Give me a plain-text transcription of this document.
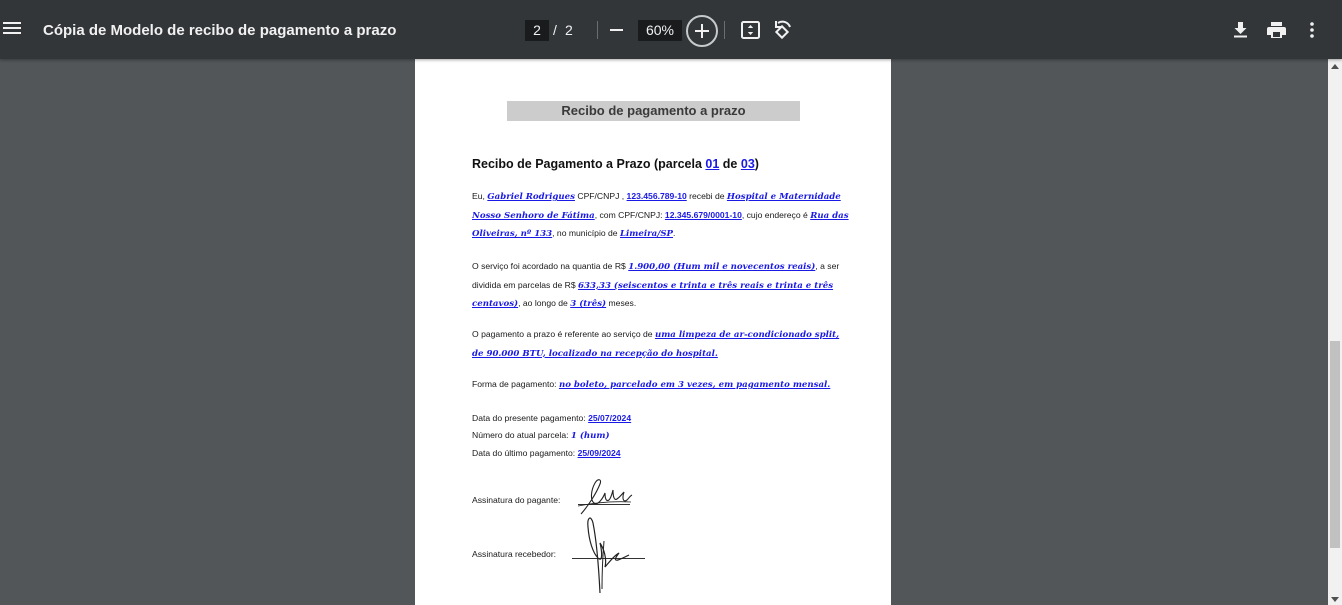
Cópia de Modelo de recibo de pagamento a prazo	2 / 2	60%
Recibo de pagamento a prazo
Recibo de Pagamento a Prazo (parcela 01 de 03)
Eu, Gabriel Rodrigues CPF/CNPJ , 123.456.789-10 recebi de Hospital e Maternidade Nosso Senhoro de Fátima, com CPF/CNPJ: 12.345.679/0001-10, cujo endereço é Rua das Oliveiras, nº 133, no município de Limeira/SP.
O serviço foi acordado na quantia de R$ 1.900,00 (Hum mil e novecentos reais), a ser dividida em parcelas de R$ 633,33 (seiscentos e trinta e três reais e trinta e três centavos), ao longo de 3 (três) meses.
O pagamento a prazo é referente ao serviço de uma limpeza de ar-condicionado split, de 90.000 BTU, localizado na recepção do hospital.
Forma de pagamento: no boleto, parcelado em 3 vezes, em pagamento mensal.
Data do presente pagamento: 25/07/2024
Número do atual parcela: 1 (hum)
Data do último pagamento: 25/09/2024
Assinatura do pagante:
Assinatura recebedor:
